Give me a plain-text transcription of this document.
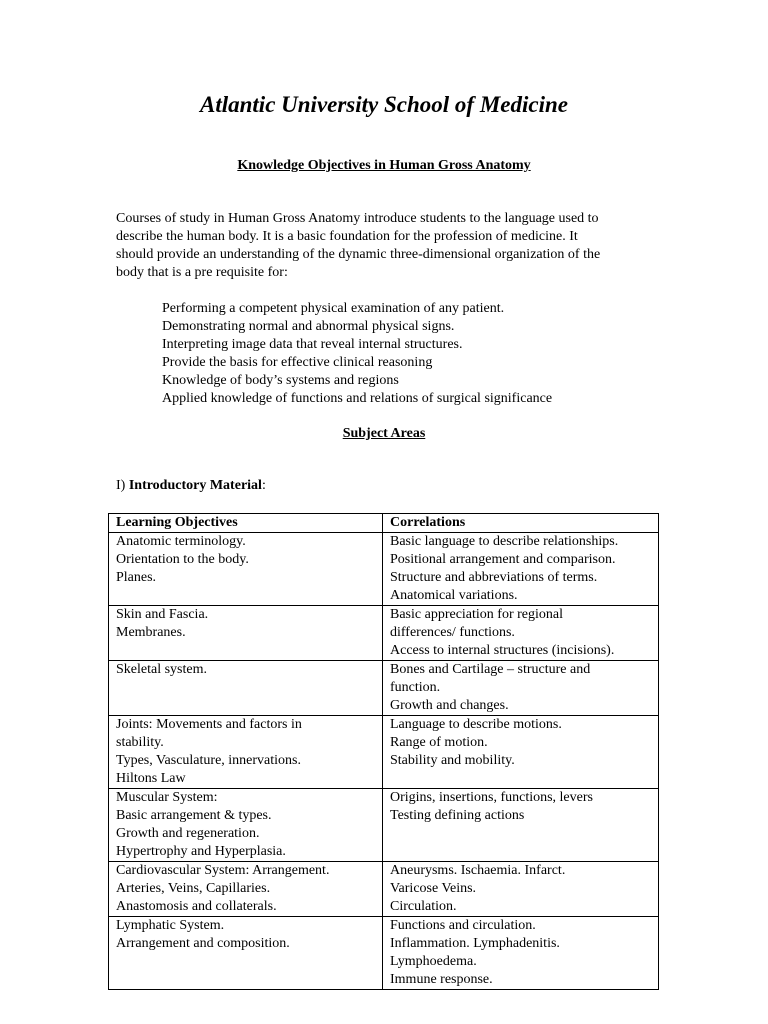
Atlantic University School of Medicine
Knowledge Objectives in Human Gross Anatomy

Courses of study in Human Gross Anatomy introduce students to the language used to
describe the human body. It is a basic foundation for the profession of medicine. It
should provide an understanding of the dynamic three-dimensional organization of the
body that is a pre requisite for:

Performing a competent physical examination of any patient.
Demonstrating normal and abnormal physical signs.
Interpreting image data that reveal internal structures.
Provide the basis for effective clinical reasoning
Knowledge of body’s systems and regions
Applied knowledge of functions and relations of surgical significance
Subject Areas

I) Introductory Material:

Learning Objectives	Correlations

Anatomic terminology.
Orientation to the body.
Planes.	Basic language to describe relationships.
Positional arrangement and comparison.
Structure and abbreviations of terms.
Anatomical variations.

Skin and Fascia.
Membranes.	Basic appreciation for regional
differences/ functions.
Access to internal structures (incisions).

Skeletal system.	Bones and Cartilage – structure and
function.
Growth and changes.

Joints: Movements and factors in
stability.
Types, Vasculature, innervations.
Hiltons Law	Language to describe motions.
Range of motion.
Stability and mobility.

Muscular System:
Basic arrangement & types.
Growth and regeneration.
Hypertrophy and Hyperplasia.	Origins, insertions, functions, levers
Testing defining actions

Cardiovascular System: Arrangement.
Arteries, Veins, Capillaries.
Anastomosis and collaterals.	Aneurysms. Ischaemia. Infarct.
Varicose Veins.
Circulation.

Lymphatic System.
Arrangement and composition.	Functions and circulation.
Inflammation. Lymphadenitis.
Lymphoedema.
Immune response.
